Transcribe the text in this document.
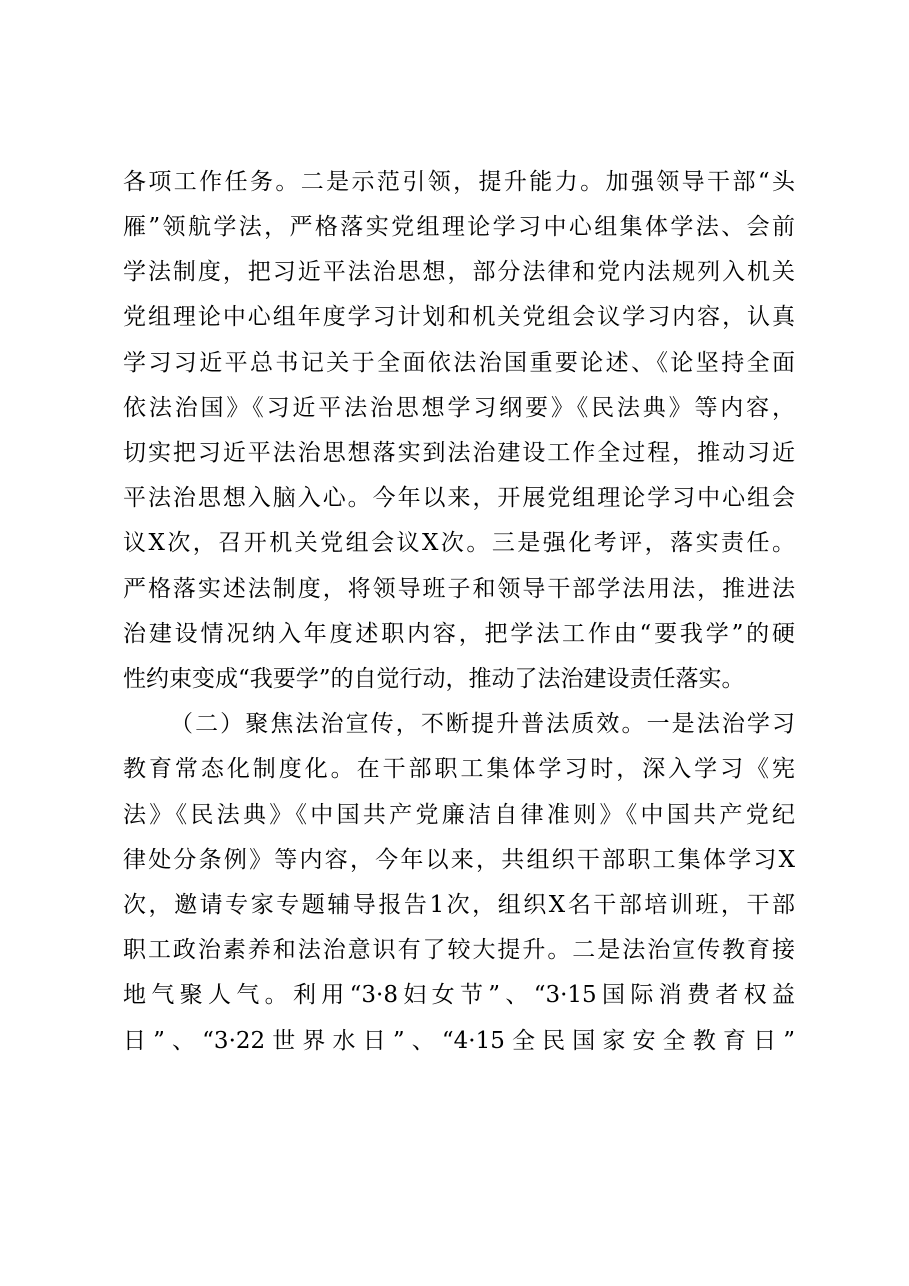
各项工作任务。二是示范引领，提升能力。加强领导干部“头
雁”领航学法，严格落实党组理论学习中心组集体学法、会前
学法制度，把习近平法治思想，部分法律和党内法规列入机关
党组理论中心组年度学习计划和机关党组会议学习内容，认真
学习习近平总书记关于全面依法治国重要论述、《论坚持全面
依法治国》《习近平法治思想学习纲要》《民法典》等内容，
切实把习近平法治思想落实到法治建设工作全过程，推动习近
平法治思想入脑入心。今年以来，开展党组理论学习中心组会
议X次，召开机关党组会议X次。三是强化考评，落实责任。
严格落实述法制度，将领导班子和领导干部学法用法，推进法
治建设情况纳入年度述职内容，把学法工作由“要我学”的硬
性约束变成“我要学”的自觉行动，推动了法治建设责任落实。
（二）聚焦法治宣传，不断提升普法质效。一是法治学习
教育常态化制度化。在干部职工集体学习时，深入学习《宪
法》《民法典》《中国共产党廉洁自律准则》《中国共产党纪
律处分条例》等内容，今年以来，共组织干部职工集体学习X
次，邀请专家专题辅导报告1次，组织X名干部培训班，干部
职工政治素养和法治意识有了较大提升。二是法治宣传教育接
地气聚人气。利用“3·8妇女节”、“3·15国际消费者权益
日”、“3·22世界水日”、“4·15全民国家安全教育日”
